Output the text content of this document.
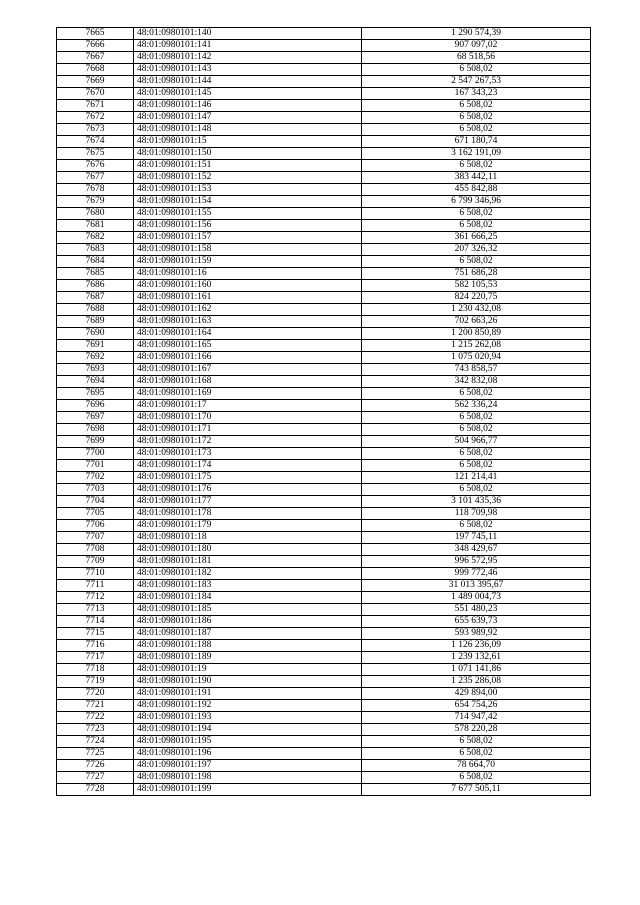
7665	48:01:0980101:140	1 290 574,39
7666	48:01:0980101:141	907 097,02
7667	48:01:0980101:142	68 518,56
7668	48:01:0980101:143	6 508,02
7669	48:01:0980101:144	2 547 267,53
7670	48:01:0980101:145	167 343,23
7671	48:01:0980101:146	6 508,02
7672	48:01:0980101:147	6 508,02
7673	48:01:0980101:148	6 508,02
7674	48:01:0980101:15	671 180,74
7675	48:01:0980101:150	3 162 191,09
7676	48:01:0980101:151	6 508,02
7677	48:01:0980101:152	383 442,11
7678	48:01:0980101:153	455 842,88
7679	48:01:0980101:154	6 799 346,96
7680	48:01:0980101:155	6 508,02
7681	48:01:0980101:156	6 508,02
7682	48:01:0980101:157	361 666,25
7683	48:01:0980101:158	207 326,32
7684	48:01:0980101:159	6 508,02
7685	48:01:0980101:16	751 686,28
7686	48:01:0980101:160	582 105,53
7687	48:01:0980101:161	824 220,75
7688	48:01:0980101:162	1 230 432,08
7689	48:01:0980101:163	702 663,26
7690	48:01:0980101:164	1 200 850,89
7691	48:01:0980101:165	1 215 262,08
7692	48:01:0980101:166	1 075 020,94
7693	48:01:0980101:167	743 858,57
7694	48:01:0980101:168	342 832,08
7695	48:01:0980101:169	6 508,02
7696	48:01:0980101:17	562 336,24
7697	48:01:0980101:170	6 508,02
7698	48:01:0980101:171	6 508,02
7699	48:01:0980101:172	504 966,77
7700	48:01:0980101:173	6 508,02
7701	48:01:0980101:174	6 508,02
7702	48:01:0980101:175	121 214,41
7703	48:01:0980101:176	6 508,02
7704	48:01:0980101:177	3 101 435,36
7705	48:01:0980101:178	118 709,98
7706	48:01:0980101:179	6 508,02
7707	48:01:0980101:18	197 745,11
7708	48:01:0980101:180	348 429,67
7709	48:01:0980101:181	996 572,95
7710	48:01:0980101:182	999 772,46
7711	48:01:0980101:183	31 013 395,67
7712	48:01:0980101:184	1 489 004,73
7713	48:01:0980101:185	551 480,23
7714	48:01:0980101:186	655 639,73
7715	48:01:0980101:187	593 989,92
7716	48:01:0980101:188	1 126 236,09
7717	48:01:0980101:189	1 239 132,61
7718	48:01:0980101:19	1 071 141,86
7719	48:01:0980101:190	1 235 286,08
7720	48:01:0980101:191	429 894,00
7721	48:01:0980101:192	654 754,26
7722	48:01:0980101:193	714 947,42
7723	48:01:0980101:194	578 220,28
7724	48:01:0980101:195	6 508,02
7725	48:01:0980101:196	6 508,02
7726	48:01:0980101:197	78 664,70
7727	48:01:0980101:198	6 508,02
7728	48:01:0980101:199	7 677 505,11
